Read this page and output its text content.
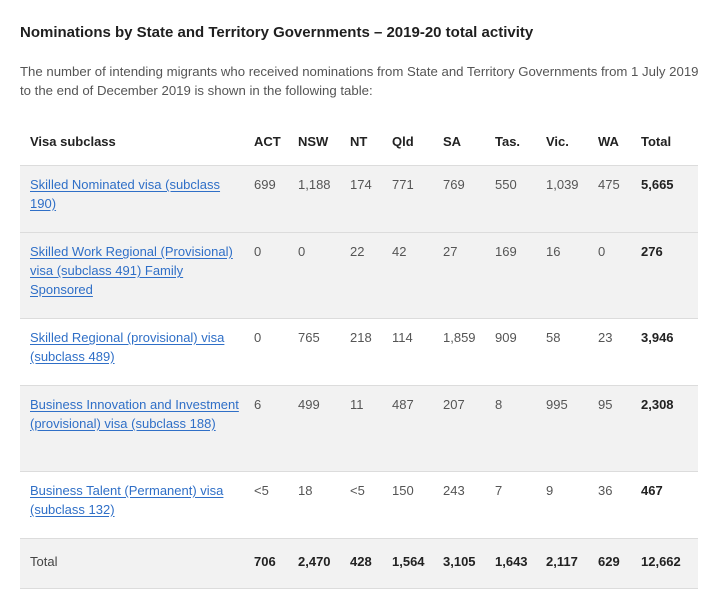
Nominations by State and Territory Governments – 2019-20 total activity

The number of intending migrants who received nominations from State and Territory Governments from 1 July 2019 to the end of December 2019 is shown in the following table:

Visa subclass	ACT	NSW	NT	Qld	SA	Tas.	Vic.	WA	Total
Skilled Nominated visa (subclass 190)	699	1,188	174	771	769	550	1,039	475	5,665
Skilled Work Regional (Provisional) visa (subclass 491) Family Sponsored	0	0	22	42	27	169	16	0	276
Skilled Regional (provisional) visa (subclass 489)	0	765	218	114	1,859	909	58	23	3,946
Business Innovation and Investment (provisional) visa (subclass 188)	6	499	11	487	207	8	995	95	2,308
Business Talent (Permanent) visa (subclass 132)	<5	18	<5	150	243	7	9	36	467
Total	706	2,470	428	1,564	3,105	1,643	2,117	629	12,662
